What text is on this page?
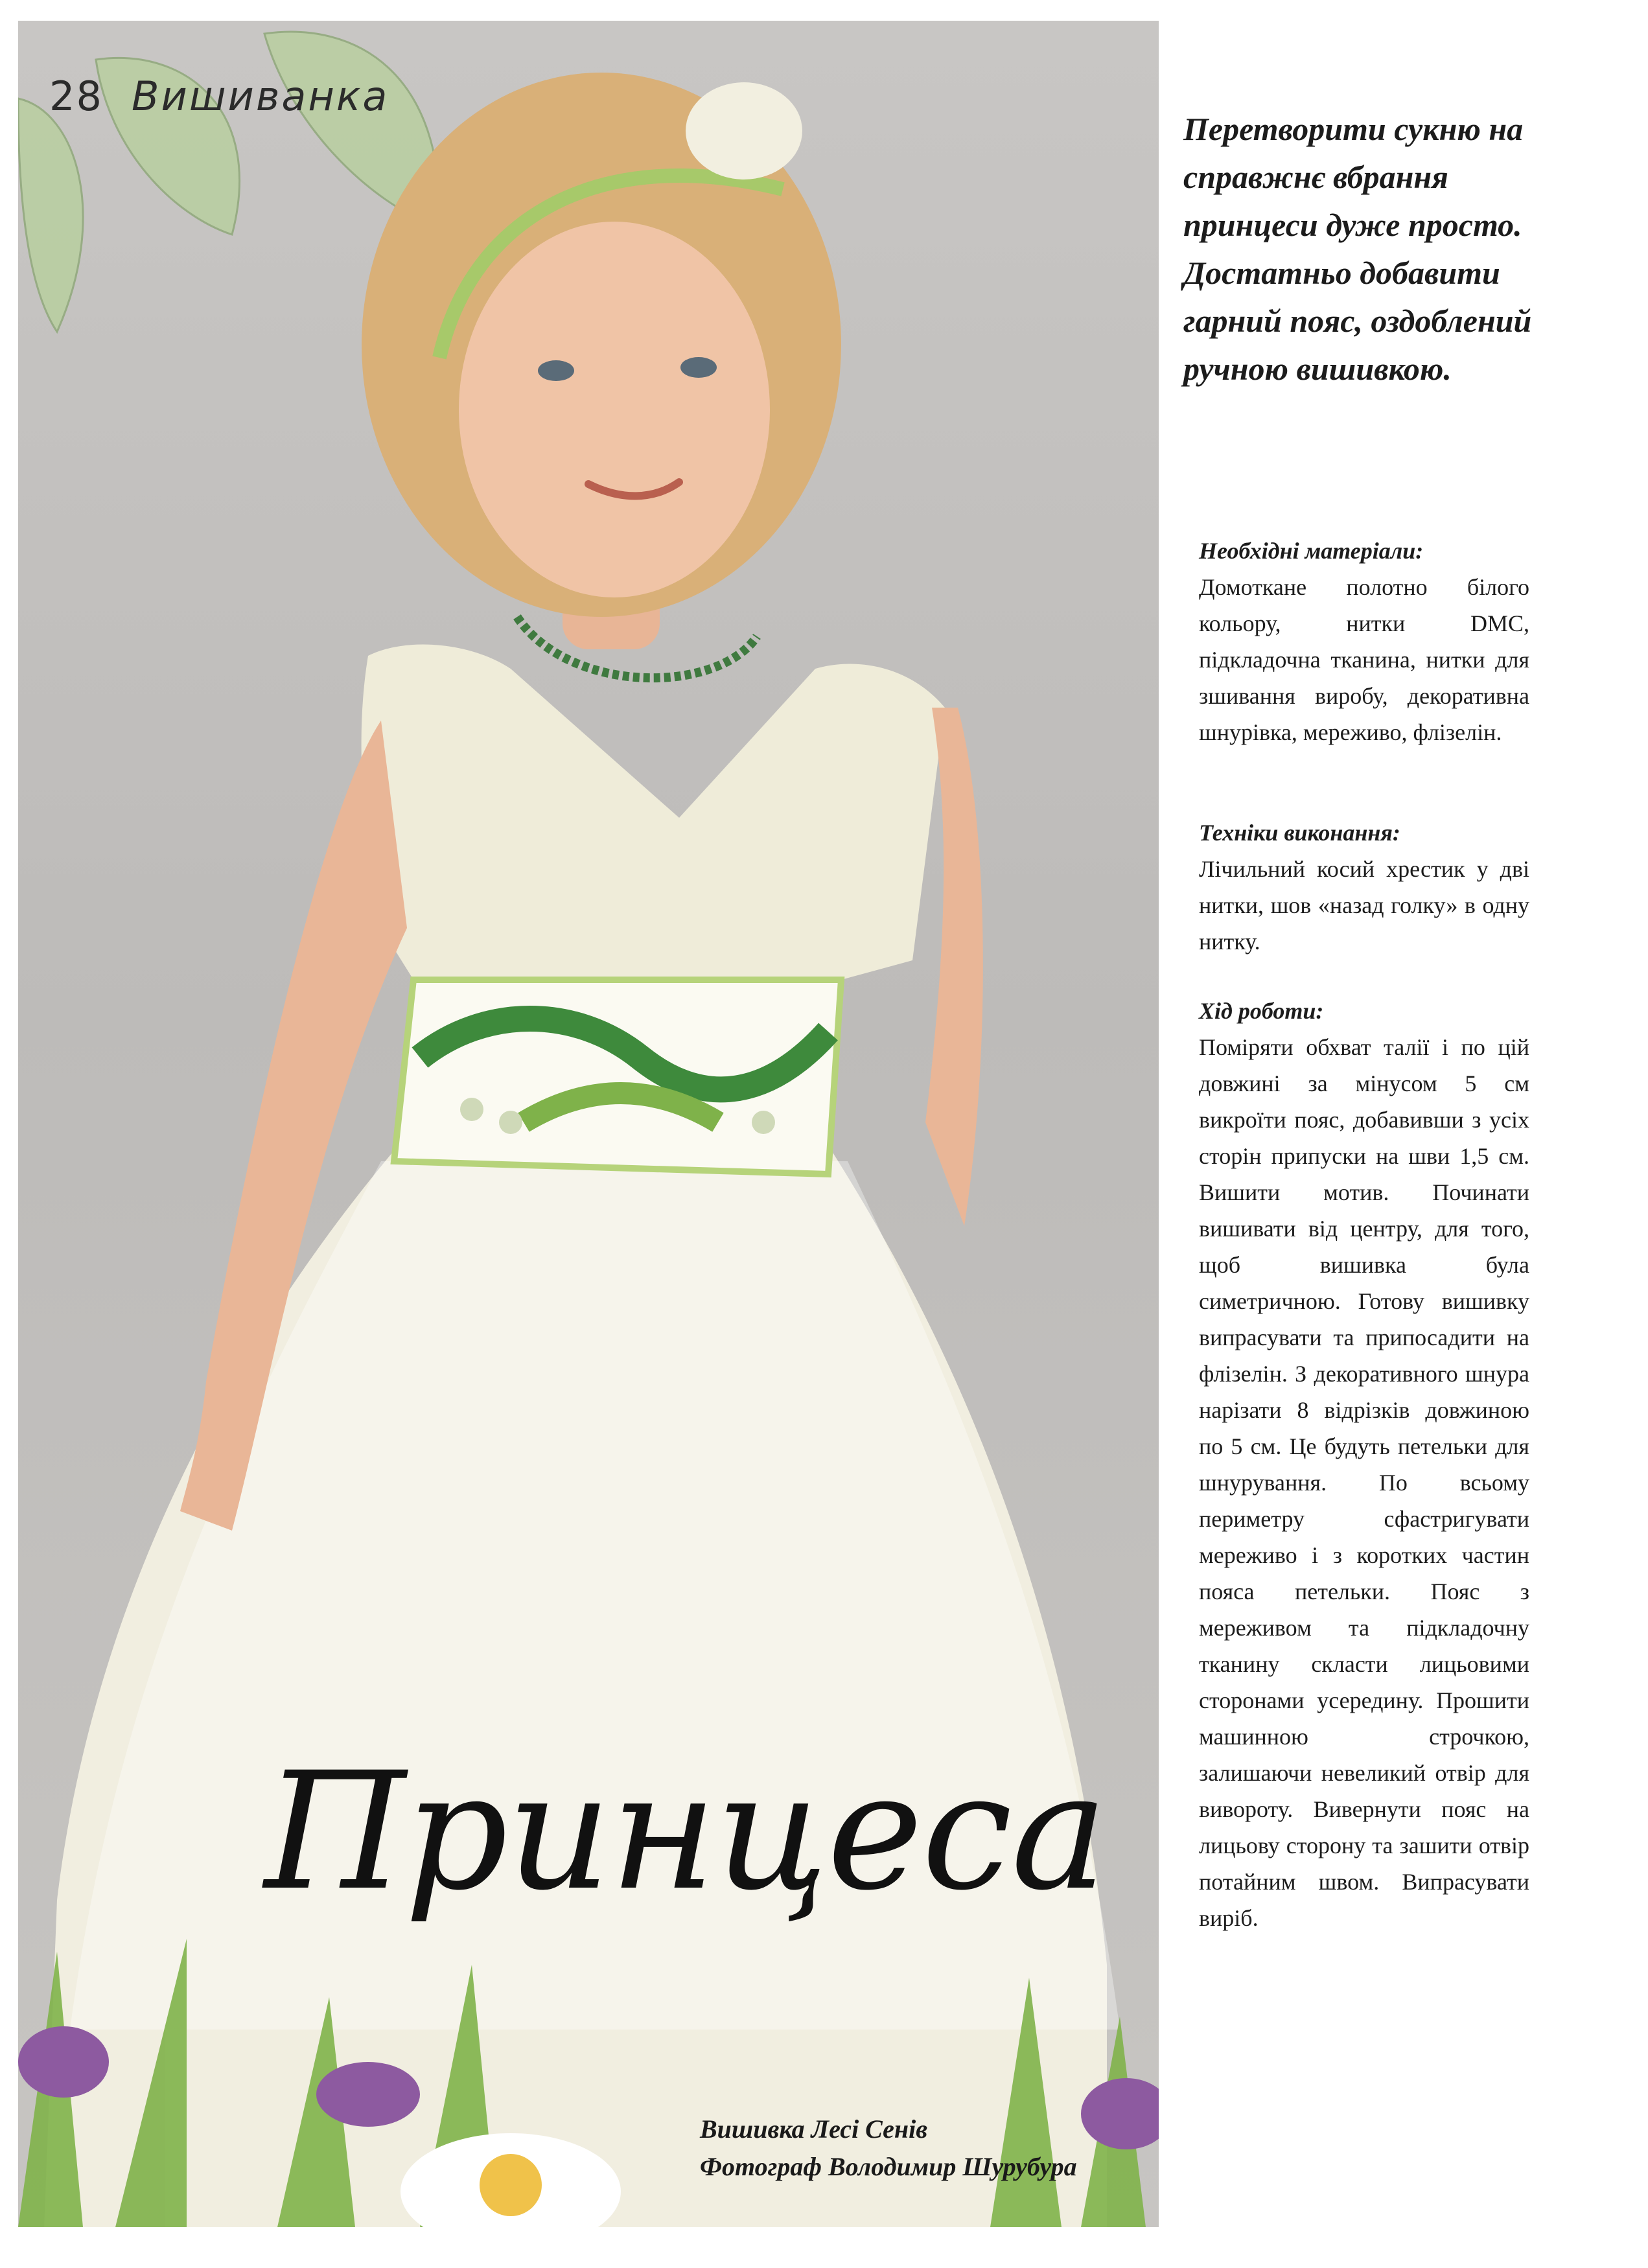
28 Вишиванка
Принцеса
Вишивка Лесі Сенів
Фотограф Володимир Шурубура
Перетворити сукню на справжнє вбрання принцеси дуже просто. Достатньо добавити гарний пояс, оздоблений ручною вишивкою.
Необхідні матеріали:

Домоткане полотно білого кольору, нитки DMC, підкладочна тканина, нитки для зшивання виробу, декоративна шнурівка, мереживо, флізелін.

Техніки виконання:

Лічильний косий хрестик у дві нитки, шов «назад голку» в одну нитку.

Хід роботи:

Поміряти обхват талії і по цій довжині за мінусом 5 см викроїти пояс, добавивши з усіх сторін припуски на шви 1,5 см. Вишити мотив. Починати вишивати від центру, для того, щоб вишивка була симетричною. Готову вишивку випрасувати та припосадити на флізелін. З декоративного шнура нарізати 8 відрізків довжиною по 5 см. Це будуть петельки для шнурування. По всьому периметру сфастригувати мереживо і з коротких частин пояса петельки. Пояс з мереживом та підкладочну тканину скласти лицьовими сторонами усередину. Прошити машинною строчкою, залишаючи невеликий отвір для вивороту. Вивернути пояс на лицьову сторону та зашити отвір потайним швом. Випрасувати виріб.
